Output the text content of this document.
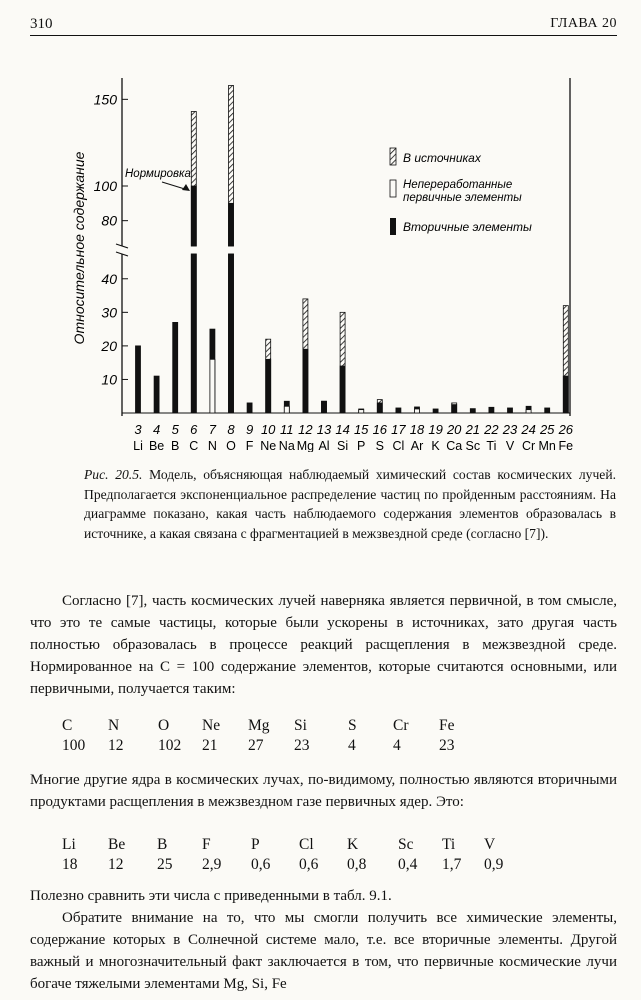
310	ГЛАВА 20
10
20
30
40
80
100
150
3
Li
4
Be
5
B
6
C
7
N
8
O
9
F
10
Ne
11
Na
12
Mg
13
Al
14
Si
15
P
16
S
17
Cl
18
Ar
19
K
20
Ca
21
Sc
22
Ti
23
V
24
Cr
25
Mn
26
Fe
Относительное содержание	Нормировка
В источниках
Непереработанные
первичные элементы
Вторичные элементы
Рис. 20.5. Модель, объясняющая наблюдаемый химический состав космических лучей. Предполагается экспоненциальное распределение частиц по пройденным расстояниям. На диаграмме показано, какая часть наблюдаемого содержания элементов образовалась в источнике, а какая связана с фрагментацией в межзвездной среде (согласно [7]).
Согласно [7], часть космических лучей наверняка является первичной, в том смысле, что это те самые частицы, которые были ускорены в источниках, зато другая часть полностью образовалась в процессе реакций расщепления в межзвездной среде. Нормированное на C = 100 содержание элементов, которые считаются основными, или первичными, получается таким:
C N	O Ne Mg Si	S Cr Fe
100 12 102 21 27 23 4 4 23
Многие другие ядра в космических лучах, по-видимому, полностью являются вторичными продуктами расщепления в межзвездном газе первичных ядер. Это:
Li Be B F	P	Cl K	Sc Ti V
18 12 25 2,9 0,6 0,6 0,8 0,4 1,7 0,9
Полезно сравнить эти числа с приведенными в табл. 9.1.
Обратите внимание на то, что мы смогли получить все химические элементы, содержание которых в Солнечной системе мало, т.е. все вторичные элементы. Другой важный и многозначительный факт заключается в том, что первичные космические лучи богаче тяжелыми элементами Mg, Si, Fe
